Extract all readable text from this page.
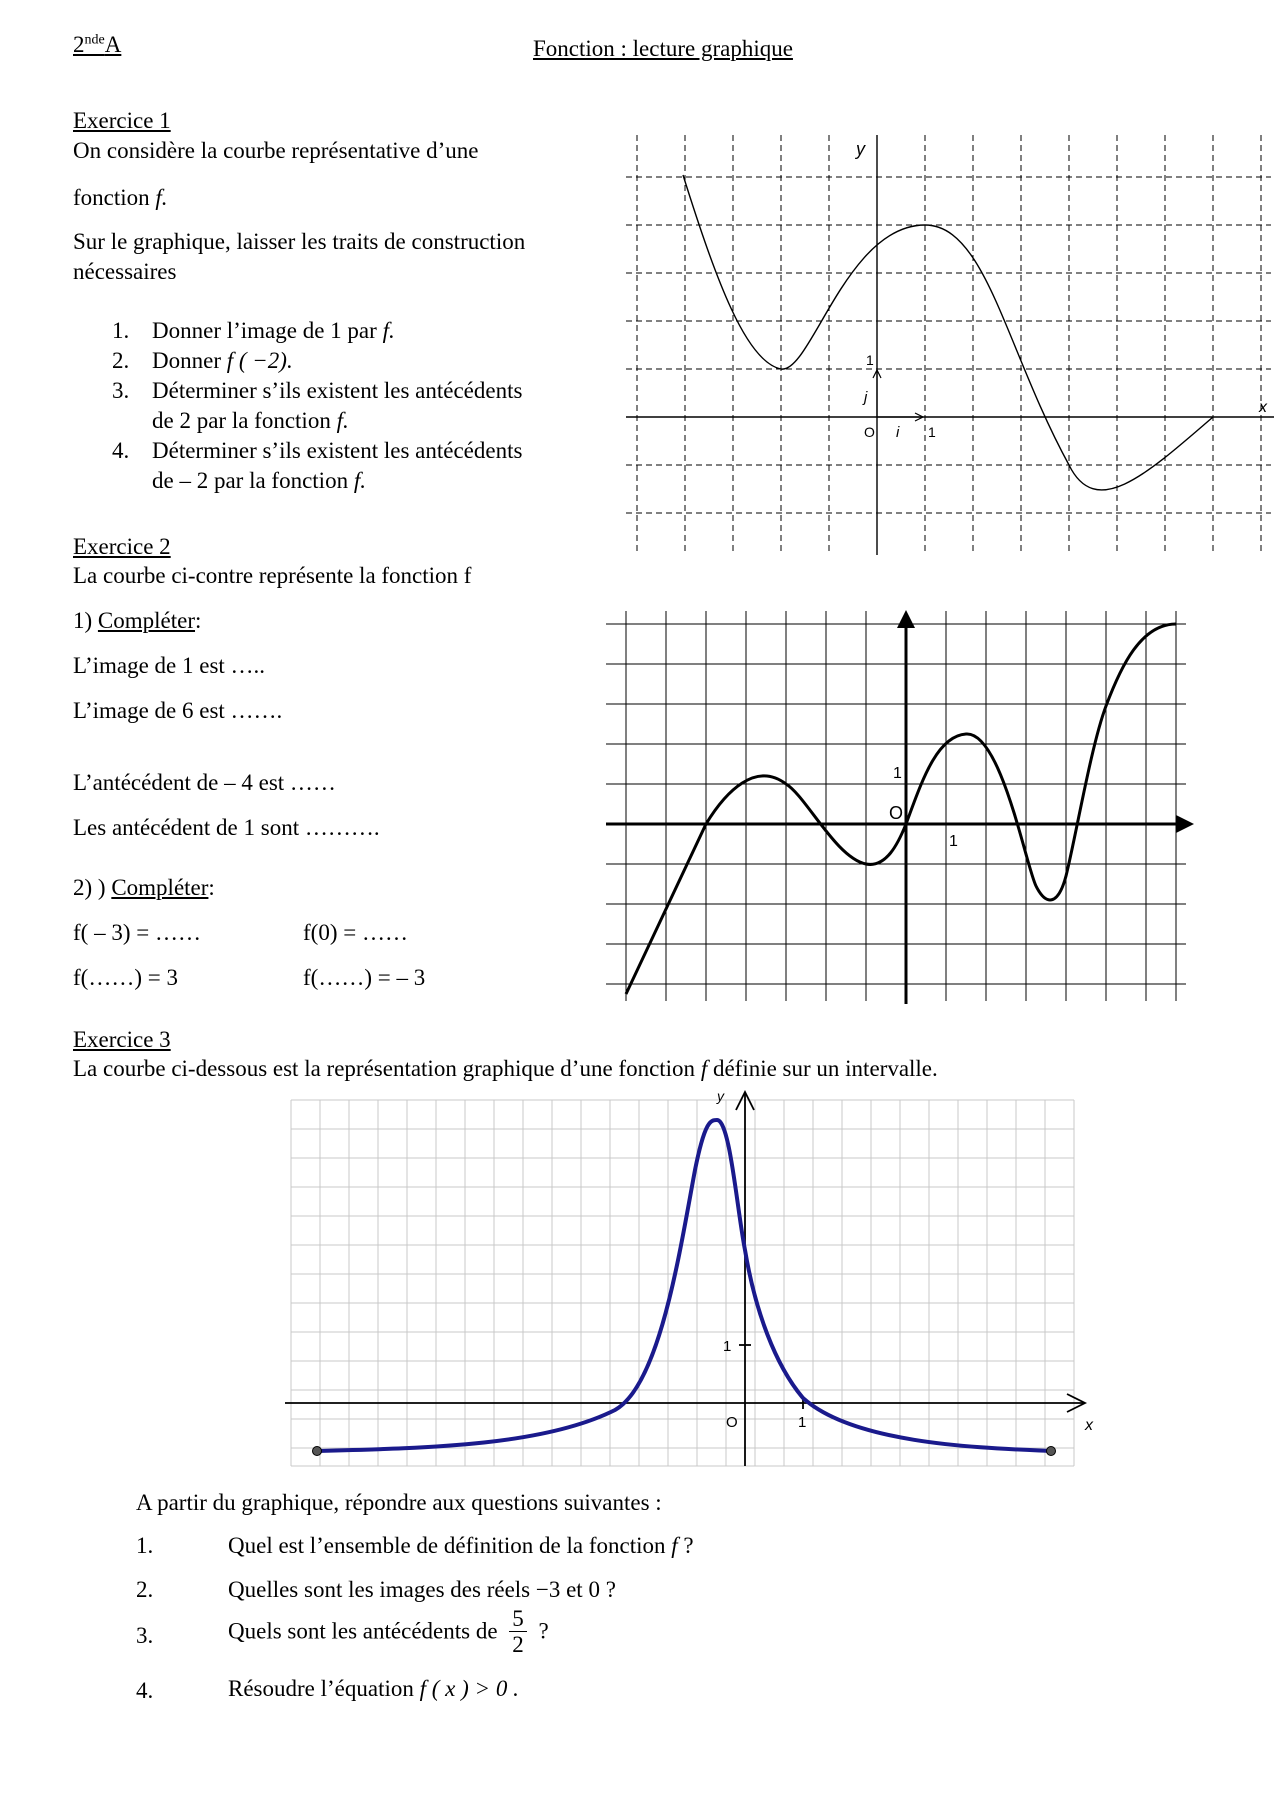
2ndeA	Fonction : lecture graphique
Exercice 1
On considère la courbe représentative d’une
fonction f.
Sur le graphique, laisser les traits de construction
nécessaires
1. Donner l’image de 1 par f.
2. Donner f ( −2).
3. Déterminer s’ils existent les antécédents
de 2 par la fonction f.
4. Déterminer s’ils existent les antécédents
de – 2 par la fonction f.
y
x
O i
j
1
1
Exercice 2
La courbe ci-contre représente la fonction f
1) Compléter:
L’image de 1 est …..
L’image de 6 est …….
L’antécédent de – 4 est ……
Les antécédent de 1 sont ……….
2) ) Compléter:
f( – 3) = ……	f(0) = ……
f(……) = 3	f(……) = – 3
O
1
1
Exercice 3
La courbe ci-dessous est la représentation graphique d’une fonction f définie sur un intervalle.
y
x
O	1
1
A partir du graphique, répondre aux questions suivantes :
1.	Quel est l’ensemble de définition de la fonction f ?
2.	Quelles sont les images des réels −3 et 0 ?
3.	Quels sont les antécédents de $\frac{5}{2}$ ?
4.	Résoudre l’équation f ( x ) > 0 .
